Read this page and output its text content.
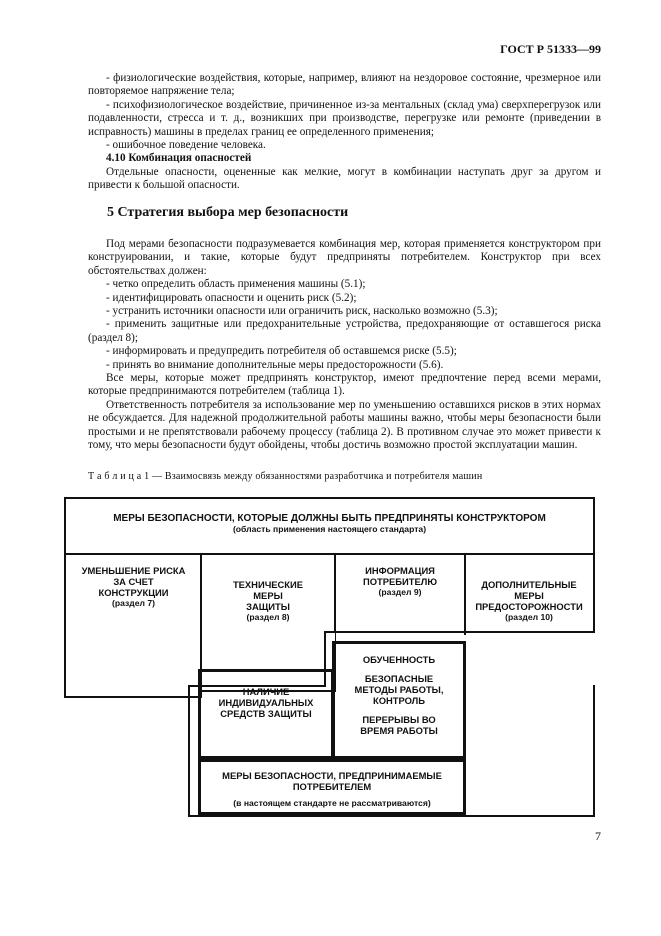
ГОСТ Р 51333—99

- физиологические воздействия, которые, например, влияют на нездоровое состояние, чрезмерное или повторяемое напряжение тела;

- психофизиологическое воздействие, причиненное из-за ментальных (склад ума) сверхперегрузок или подавленности, стресса и т. д., возникших при производстве, перегрузке или ремонте (приведении в исправность) машины в пределах границ ее определенного применения;

- ошибочное поведение человека.

4.10 Комбинация опасностей

Отдельные опасности, оцененные как мелкие, могут в комбинации наступать друг за другом и привести к большой опасности.

5 Стратегия выбора мер безопасности

Под мерами безопасности подразумевается комбинация мер, которая применяется конструктором при конструировании, и такие, которые будут предприняты потребителем. Конструктор при всех обстоятельствах должен:

- четко определить область применения машины (5.1);

- идентифицировать опасности и оценить риск (5.2);

- устранить источники опасности или ограничить риск, насколько возможно (5.3);

- применить защитные или предохранительные устройства, предохраняющие от оставшегося риска (раздел 8);

- информировать и предупредить потребителя об оставшемся риске (5.5);

- принять во внимание дополнительные меры предосторожности (5.6).

Все меры, которые может предпринять конструктор, имеют предпочтение перед всеми мерами, которые предпринимаются потребителем (таблица 1).

Ответственность потребителя за использование мер по уменьшению оставшихся рисков в этих нормах не обсуждается. Для надежной продолжительной работы машины важно, чтобы меры безопасности были простыми и не препятствовали рабочему процессу (таблица 2). В противном случае это может привести к тому, что меры безопасности будут обойдены, чтобы достичь возможно простой эксплуатации машин.

Т а б л и ц а 1 — Взаимосвязь между обязанностями разработчика и потребителя машин
МЕРЫ БЕЗОПАСНОСТИ, КОТОРЫЕ ДОЛЖНЫ БЫТЬ ПРЕДПРИНЯТЫ КОНСТРУКТОРОМ
(область применения настоящего стандарта)
УМЕНЬШЕНИЕ РИСКА
ЗА СЧЕТ
КОНСТРУКЦИИ
(раздел 7)
ТЕХНИЧЕСКИЕ
МЕРЫ
ЗАЩИТЫ
(раздел 8)
ИНФОРМАЦИЯ
ПОТРЕБИТЕЛЮ
(раздел 9)
ДОПОЛНИТЕЛЬНЫЕ
МЕРЫ
ПРЕДОСТОРОЖНОСТИ
(раздел 10)
НАЛИЧИЕ
ИНДИВИДУАЛЬНЫХ
СРЕДСТВ ЗАЩИТЫ
ОБУЧЕННОСТЬ
БЕЗОПАСНЫЕ
МЕТОДЫ РАБОТЫ,
КОНТРОЛЬ
ПЕРЕРЫВЫ ВО
ВРЕМЯ РАБОТЫ
МЕРЫ БЕЗОПАСНОСТИ, ПРЕДПРИНИМАЕМЫЕ
ПОТРЕБИТЕЛЕМ
(в настоящем стандарте не рассматриваются)
7
